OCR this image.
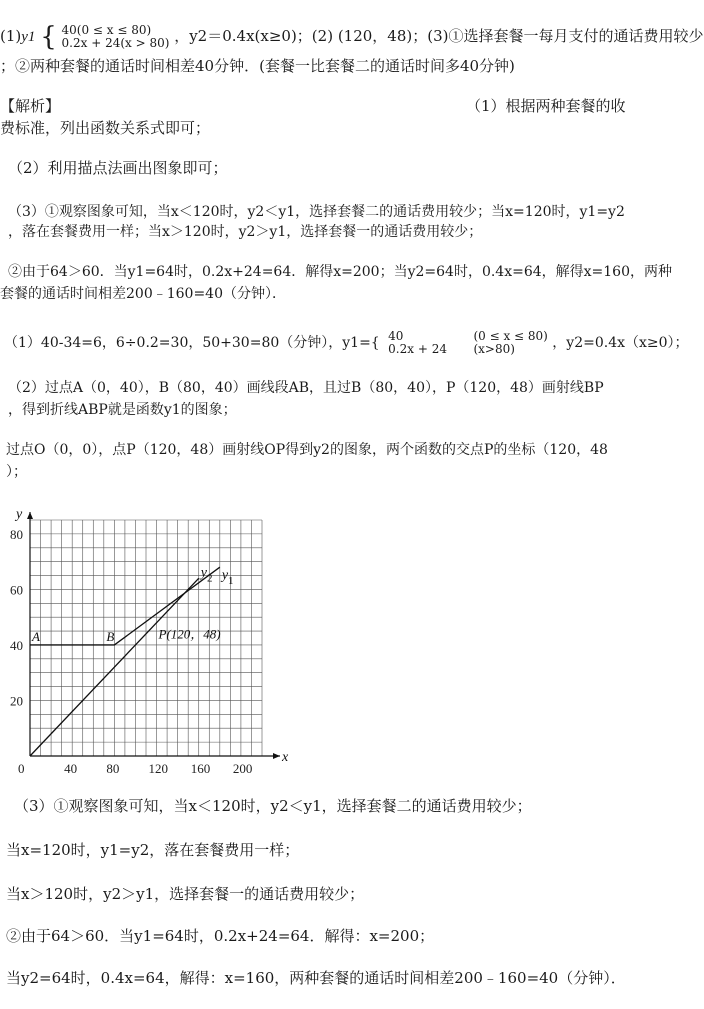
(1)y1 { 40(0 ≤ x ≤ 80)
0.2x + 24(x > 80) ，y2＝0.4x(x≥0)；(2) (120，48)；(3)①选择套餐一每月支付的通话费用较少
；②两种套餐的通话时间相差40分钟．(套餐一比套餐二的通话时间多40分钟)
【解析】	（1）根据两种套餐的收
费标准，列出函数关系式即可；
（2）利用描点法画出图象即可；
（3）①观察图象可知，当x＜120时，y2＜y1，选择套餐二的通话费用较少；当x=120时，y1=y2
，落在套餐费用一样；当x＞120时，y2＞y1，选择套餐一的通话费用较少；
②由于64＞60．当y1=64时，0.2x+24=64．解得x=200；当y2=64时，0.4x=64，解得x=160，两种
套餐的通话时间相差200﹣160=40（分钟）．
（1）40-34=6，6÷0.2=30，50+30=80（分钟），y1={ 40
0.2x + 24 (0 ≤ x ≤ 80)
(x>80)	，y2=0.4x（x≥0）；
（2）过点A（0，40），B（80，40）画线段AB，且过B（80，40），P（120，48）画射线BP
，得到折线ABP就是函数y1的图象；
过点O（0，0），点P（120，48）画射线OP得到y2的图象，两个函数的交点P的坐标（120，48
）；
x
y
0	40 80 120 160 200
20
40
60
80
$y_1$
$y_2$
A	B	P(120，48)
（3）①观察图象可知，当x＜120时，y2＜y1，选择套餐二的通话费用较少；
当x=120时，y1=y2，落在套餐费用一样；
当x＞120时，y2＞y1，选择套餐一的通话费用较少；
②由于64＞60．当y1=64时，0.2x+24=64．解得：x=200；
当y2=64时，0.4x=64，解得：x=160，两种套餐的通话时间相差200﹣160=40（分钟）．
